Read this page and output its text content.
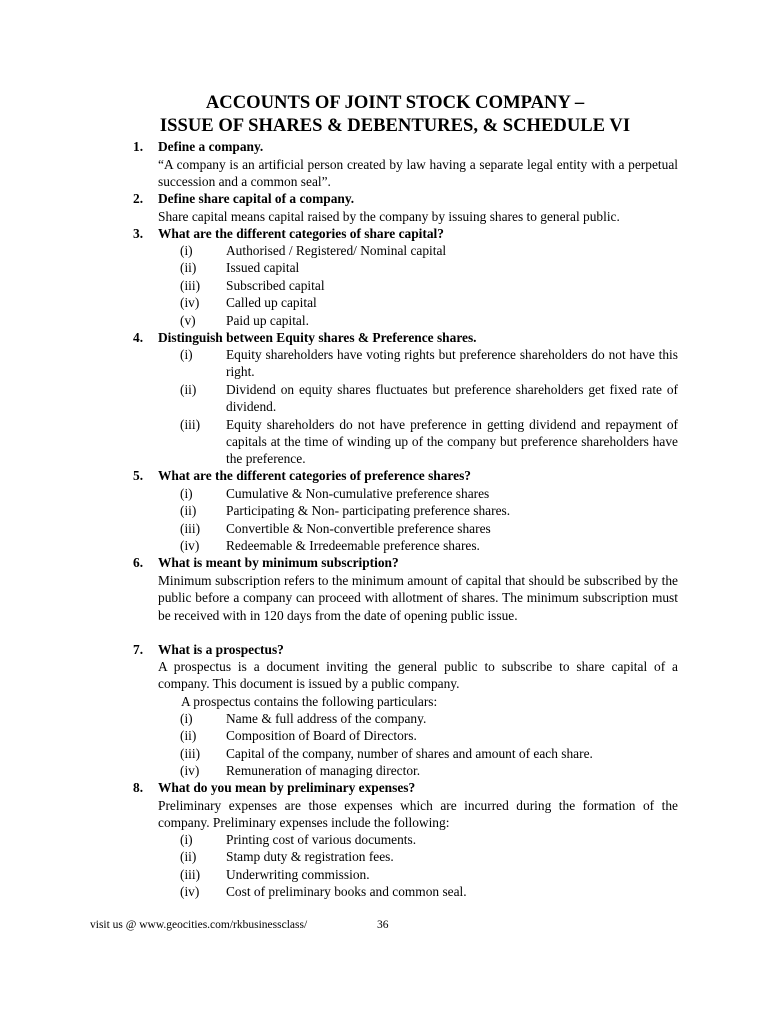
ACCOUNTS OF JOINT STOCK COMPANY –
ISSUE OF SHARES & DEBENTURES, & SCHEDULE VI

1. Define a company.

“A company is an artificial person created by law having a separate legal entity with a perpetual succession and a common seal”.

2. Define share capital of a company.

Share capital means capital raised by the company by issuing shares to general public.

3. What are the different categories of share capital?

(i) Authorised / Registered/ Nominal capital
(ii) Issued capital
(iii) Subscribed capital
(iv) Called up capital
(v) Paid up capital.

4. Distinguish between Equity shares & Preference shares.

(i) Equity shareholders have voting rights but preference shareholders do not have this right.
(ii) Dividend on equity shares fluctuates but preference shareholders get fixed rate of dividend.
(iii) Equity shareholders do not have preference in getting dividend and repayment of capitals at the time of winding up of the company but preference shareholders have the preference.

5. What are the different categories of preference shares?

(i) Cumulative & Non-cumulative preference shares
(ii) Participating & Non- participating preference shares.
(iii) Convertible & Non-convertible preference shares
(iv) Redeemable & Irredeemable preference shares.

6. What is meant by minimum subscription?

Minimum subscription refers to the minimum amount of capital that should be subscribed by the public before a company can proceed with allotment of shares. The minimum subscription must be received with in 120 days from the date of opening public issue.

7. What is a prospectus?

A prospectus is a document inviting the general public to subscribe to share capital of a company. This document is issued by a public company.

A prospectus contains the following particulars:

(i) Name & full address of the company.
(ii) Composition of Board of Directors.
(iii) Capital of the company, number of shares and amount of each share.
(iv) Remuneration of managing director.

8. What do you mean by preliminary expenses?

Preliminary expenses are those expenses which are incurred during the formation of the company. Preliminary expenses include the following:

(i) Printing cost of various documents.
(ii) Stamp duty & registration fees.
(iii) Underwriting commission.
(iv) Cost of preliminary books and common seal.
visit us @ www.geocities.com/rkbusinessclass/	36
